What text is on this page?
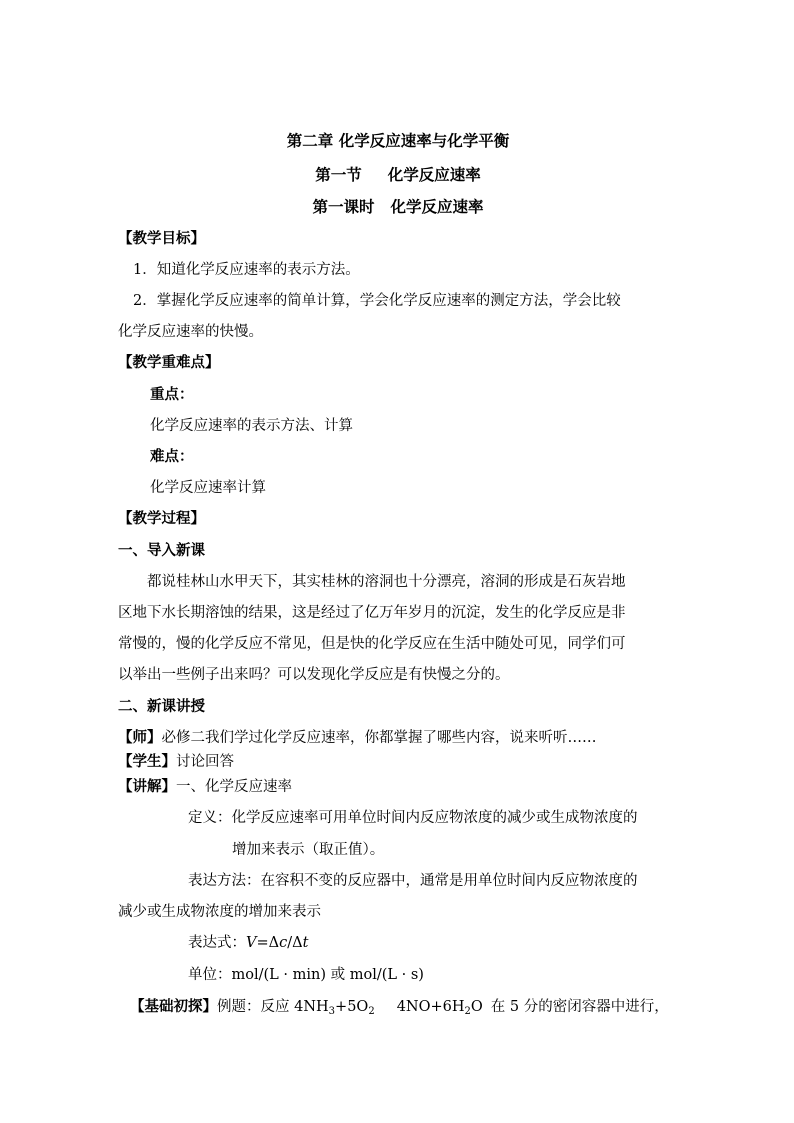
第二章 化学反应速率与化学平衡
第一节 化学反应速率
第一课时 化学反应速率
【教学目标】
1．知道化学反应速率的表示方法。
2．掌握化学反应速率的简单计算，学会化学反应速率的测定方法，学会比较
化学反应速率的快慢。
【教学重难点】
重点：
化学反应速率的表示方法、计算
难点：
化学反应速率计算
【教学过程】
一、导入新课
都说桂林山水甲天下，其实桂林的溶洞也十分漂亮，溶洞的形成是石灰岩地
区地下水长期溶蚀的结果，这是经过了亿万年岁月的沉淀，发生的化学反应是非
常慢的，慢的化学反应不常见，但是快的化学反应在生活中随处可见，同学们可
以举出一些例子出来吗？可以发现化学反应是有快慢之分的。
二、新课讲授
【师】必修二我们学过化学反应速率，你都掌握了哪些内容，说来听听……
【学生】讨论回答
【讲解】一、化学反应速率
定义：化学反应速率可用单位时间内反应物浓度的减少或生成物浓度的
增加来表示（取正值）。
表达方法：在容积不变的反应器中，通常是用单位时间内反应物浓度的
减少或生成物浓度的增加来表示
表达式：V=Δc/Δt
单位：mol/(L · min) 或 mol/(L · s)
【基础初探】例题：反应 $4NH_3+5O_2$ $4NO+6H_2O$ 在 5 分的密闭容器中进行，
